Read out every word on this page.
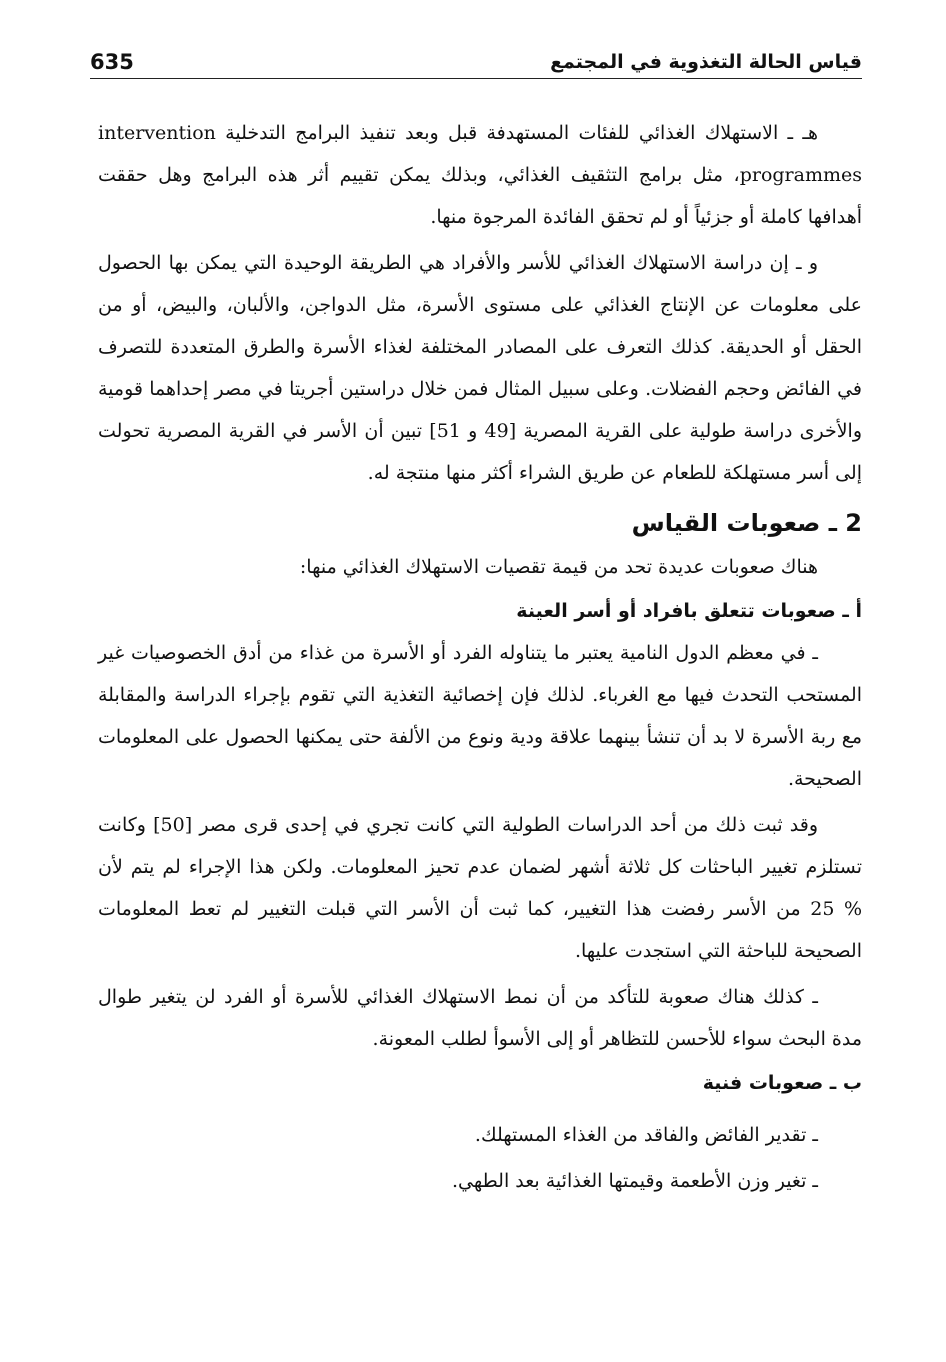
635	قياس الحالة التغذوية في المجتمع

هـ ـ الاستهلاك الغذائي للفئات المستهدفة قبل وبعد تنفيذ البرامج التدخلية intervention programmes، مثل برامج التثقيف الغذائي، وبذلك يمكن تقييم أثر هذه البرامج وهل حققت أهدافها كاملة أو جزئياً أو لم تحقق الفائدة المرجوة منها.

و ـ إن دراسة الاستهلاك الغذائي للأسر والأفراد هي الطريقة الوحيدة التي يمكن بها الحصول على معلومات عن الإنتاج الغذائي على مستوى الأسرة، مثل الدواجن، والألبان، والبيض، أو من الحقل أو الحديقة. كذلك التعرف على المصادر المختلفة لغذاء الأسرة والطرق المتعددة للتصرف في الفائض وحجم الفضلات. وعلى سبيل المثال فمن خلال دراستين أجريتا في مصر إحداهما قومية والأخرى دراسة طولية على القرية المصرية [49 و 51] تبين أن الأسر في القرية المصرية تحولت إلى أسر مستهلكة للطعام عن طريق الشراء أكثر منها منتجة له.

2 ـ صعوبات القياس

هناك صعوبات عديدة تحد من قيمة تقصيات الاستهلاك الغذائي منها:

أ ـ صعوبات تتعلق بافراد أو أسر العينة

ـ في معظم الدول النامية يعتبر ما يتناوله الفرد أو الأسرة من غذاء من أدق الخصوصيات غير المستحب التحدث فيها مع الغرباء. لذلك فإن إخصائية التغذية التي تقوم بإجراء الدراسة والمقابلة مع ربة الأسرة لا بد أن تنشأ بينهما علاقة ودية ونوع من الألفة حتى يمكنها الحصول على المعلومات الصحيحة.

وقد ثبت ذلك من أحد الدراسات الطولية التي كانت تجري في إحدى قرى مصر [50] وكانت تستلزم تغيير الباحثات كل ثلاثة أشهر لضمان عدم تحيز المعلومات. ولكن هذا الإجراء لم يتم لأن 25 % من الأسر رفضت هذا التغيير، كما ثبت أن الأسر التي قبلت التغيير لم تعط المعلومات الصحيحة للباحثة التي استجدت عليها.

ـ كذلك هناك صعوبة للتأكد من أن نمط الاستهلاك الغذائي للأسرة أو الفرد لن يتغير طوال مدة البحث سواء للأحسن للتظاهر أو إلى الأسوأ لطلب المعونة.

ب ـ صعوبات فنية

ـ تقدير الفائض والفاقد من الغذاء المستهلك.
ـ تغير وزن الأطعمة وقيمتها الغذائية بعد الطهي.
